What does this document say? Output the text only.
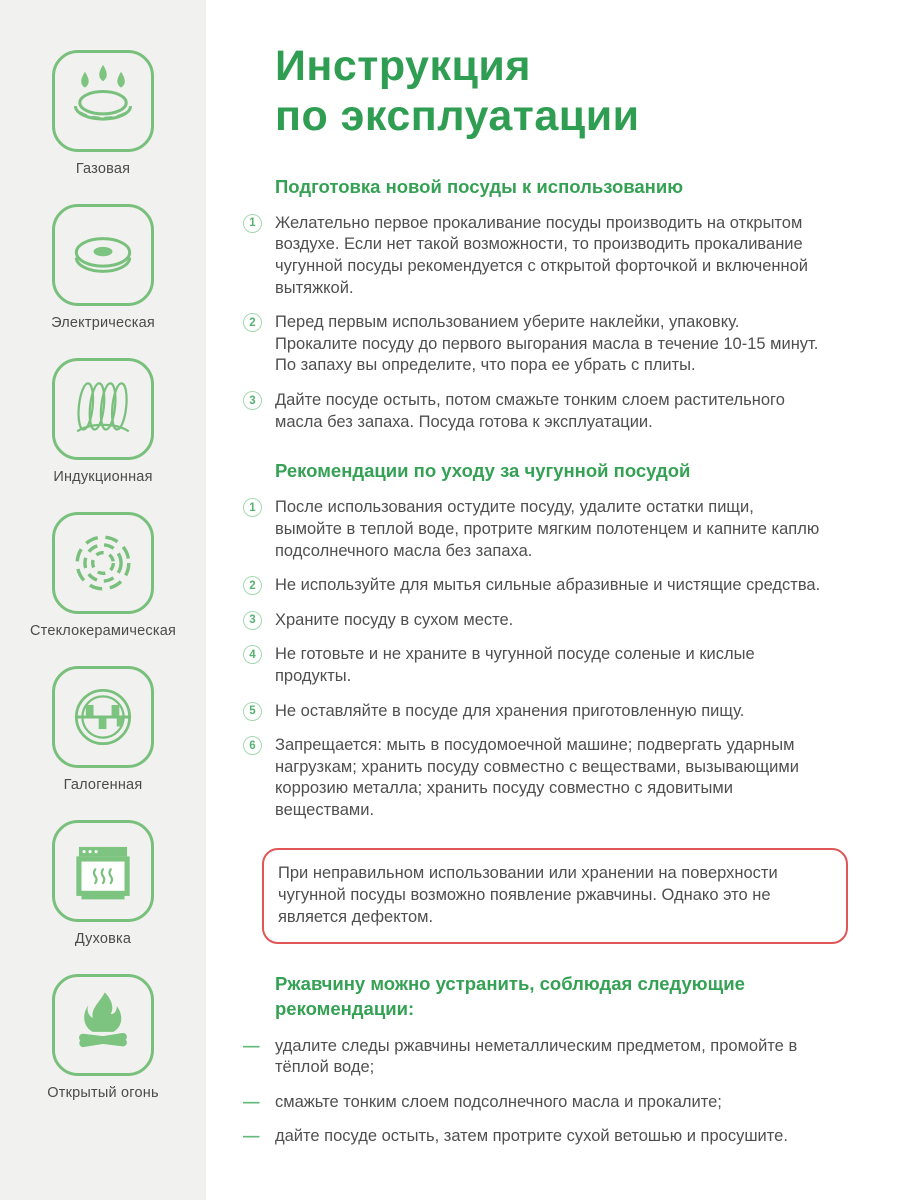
Газовая
Электрическая
Индукционная
Стеклокерамическая
Галогенная
Духовка
Открытый огонь
Инструкция
по эксплуатации
Подготовка новой посуды к использованию
1	Желательно первое прокаливание посуды производить на открытом воздухе. Если нет такой возможности, то производить прокаливание чугунной посуды рекомендуется с открытой форточкой и включенной вытяжкой.
2	Перед первым использованием уберите наклейки, упаковку. Прокалите посуду до первого выгорания масла в течение 10-15 минут. По запаху вы определите, что пора ее убрать с плиты.
3	Дайте посуде остыть, потом смажьте тонким слоем растительного масла без запаха. Посуда готова к эксплуатации.
Рекомендации по уходу за чугунной посудой
1	После использования остудите посуду, удалите остатки пищи, вымойте в теплой воде, протрите мягким полотенцем и капните каплю подсолнечного масла без запаха.
2	Не используйте для мытья сильные абразивные и чистящие средства.
3	Храните посуду в сухом месте.
4	Не готовьте и не храните в чугунной посуде соленые и кислые продукты.
5	Не оставляйте в посуде для хранения приготовленную пищу.
6	Запрещается: мыть в посудомоечной машине; подвергать ударным нагрузкам; хранить посуду совместно с веществами, вызывающими коррозию металла; хранить посуду совместно с ядовитыми веществами.
При неправильном использовании или хранении на поверхности чугунной посуды возможно появление ржавчины. Однако это не является дефектом.
Ржавчину можно устранить, соблюдая следующие рекомендации:
— удалите следы ржавчины неметаллическим предметом, промойте в тёплой воде;
— смажьте тонким слоем подсолнечного масла и прокалите;
— дайте посуде остыть, затем протрите сухой ветошью и просушите.
